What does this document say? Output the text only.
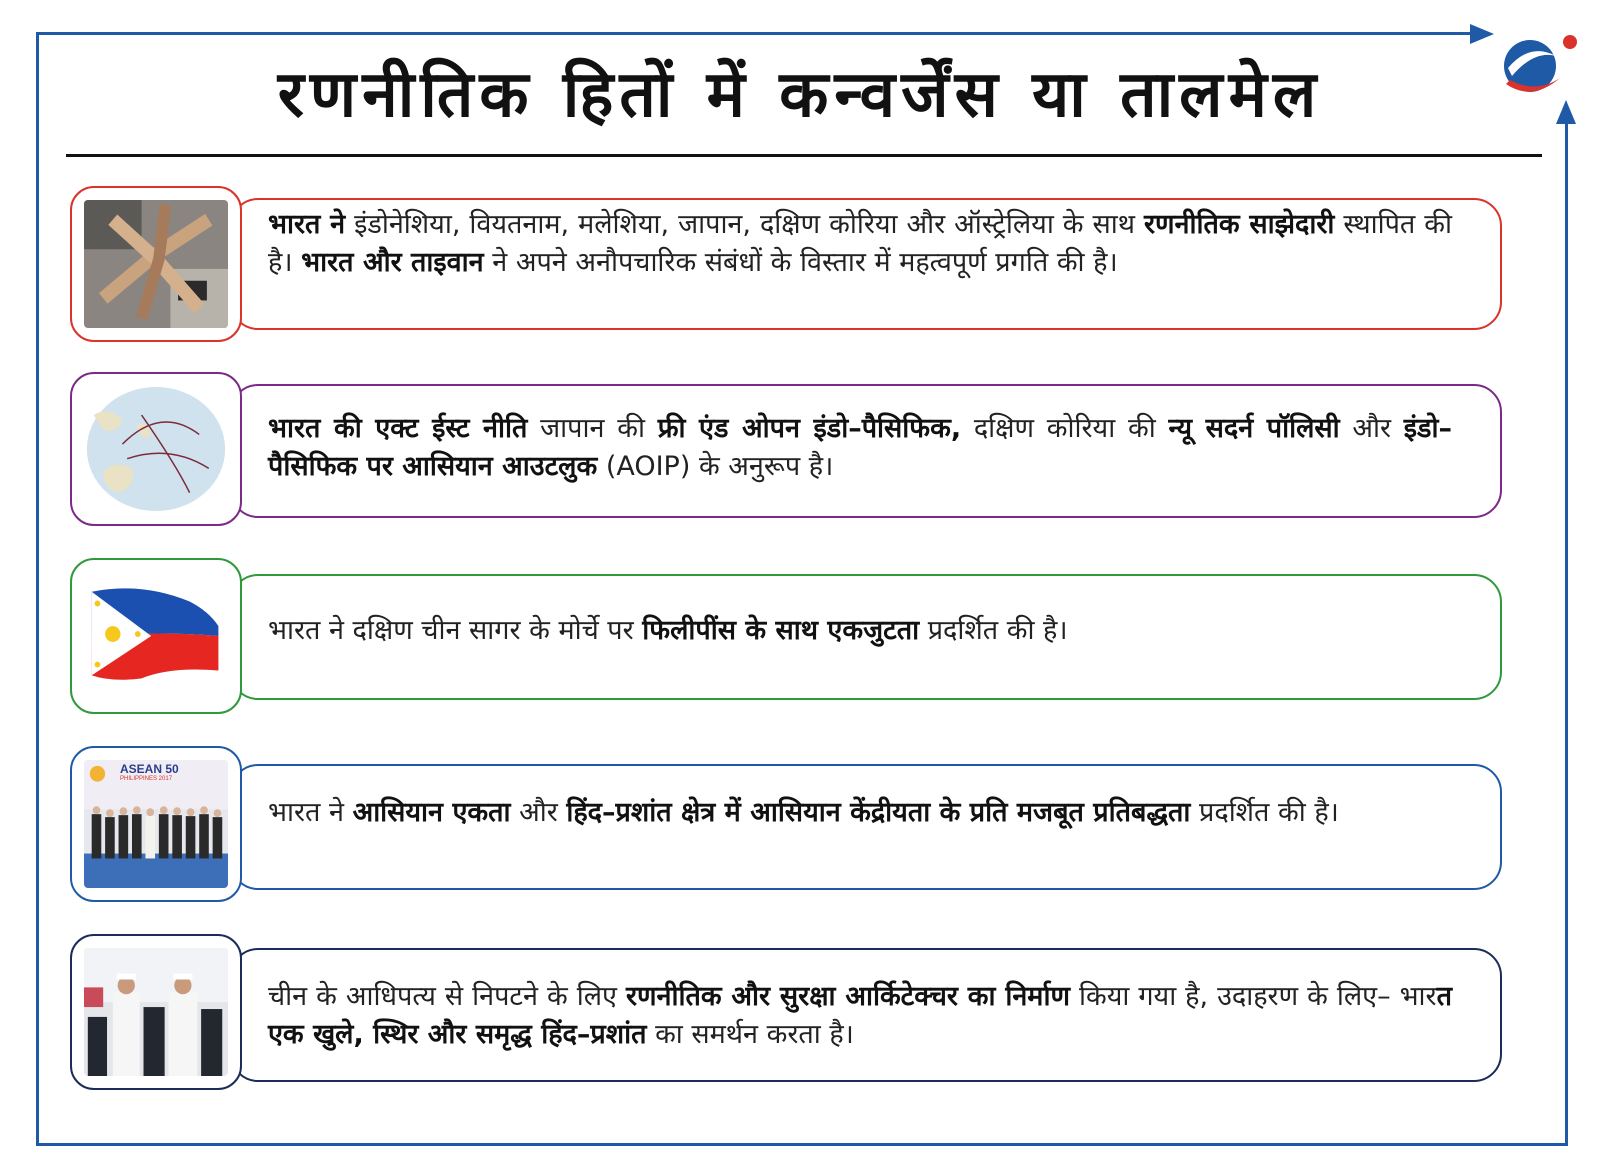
रणनीतिक हितों में कन्वर्जेंस या तालमेल
भारत ने इंडोनेशिया, वियतनाम, मलेशिया, जापान, दक्षिण कोरिया और ऑस्ट्रेलिया के साथ रणनीतिक साझेदारी स्थापित की है। भारत और ताइवान ने अपने अनौपचारिक संबंधों के विस्तार में महत्वपूर्ण प्रगति की है।
भारत की एक्ट ईस्ट नीति जापान की फ्री एंड ओपन इंडो–पैसिफिक, दक्षिण कोरिया की न्यू सदर्न पॉलिसी और इंडो–पैसिफिक पर आसियान आउटलुक (AOIP) के अनुरूप है।
भारत ने दक्षिण चीन सागर के मोर्चे पर फिलीपींस के साथ एकजुटता प्रदर्शित की है।
ASEAN 50
PHILIPPINES 2017
भारत ने आसियान एकता और हिंद–प्रशांत क्षेत्र में आसियान केंद्रीयता के प्रति मजबूत प्रतिबद्धता प्रदर्शित की है।
चीन के आधिपत्य से निपटने के लिए रणनीतिक और सुरक्षा आर्किटेक्चर का निर्माण किया गया है, उदाहरण के लिए– भारत एक खुले, स्थिर और समृद्ध हिंद–प्रशांत का समर्थन करता है।
